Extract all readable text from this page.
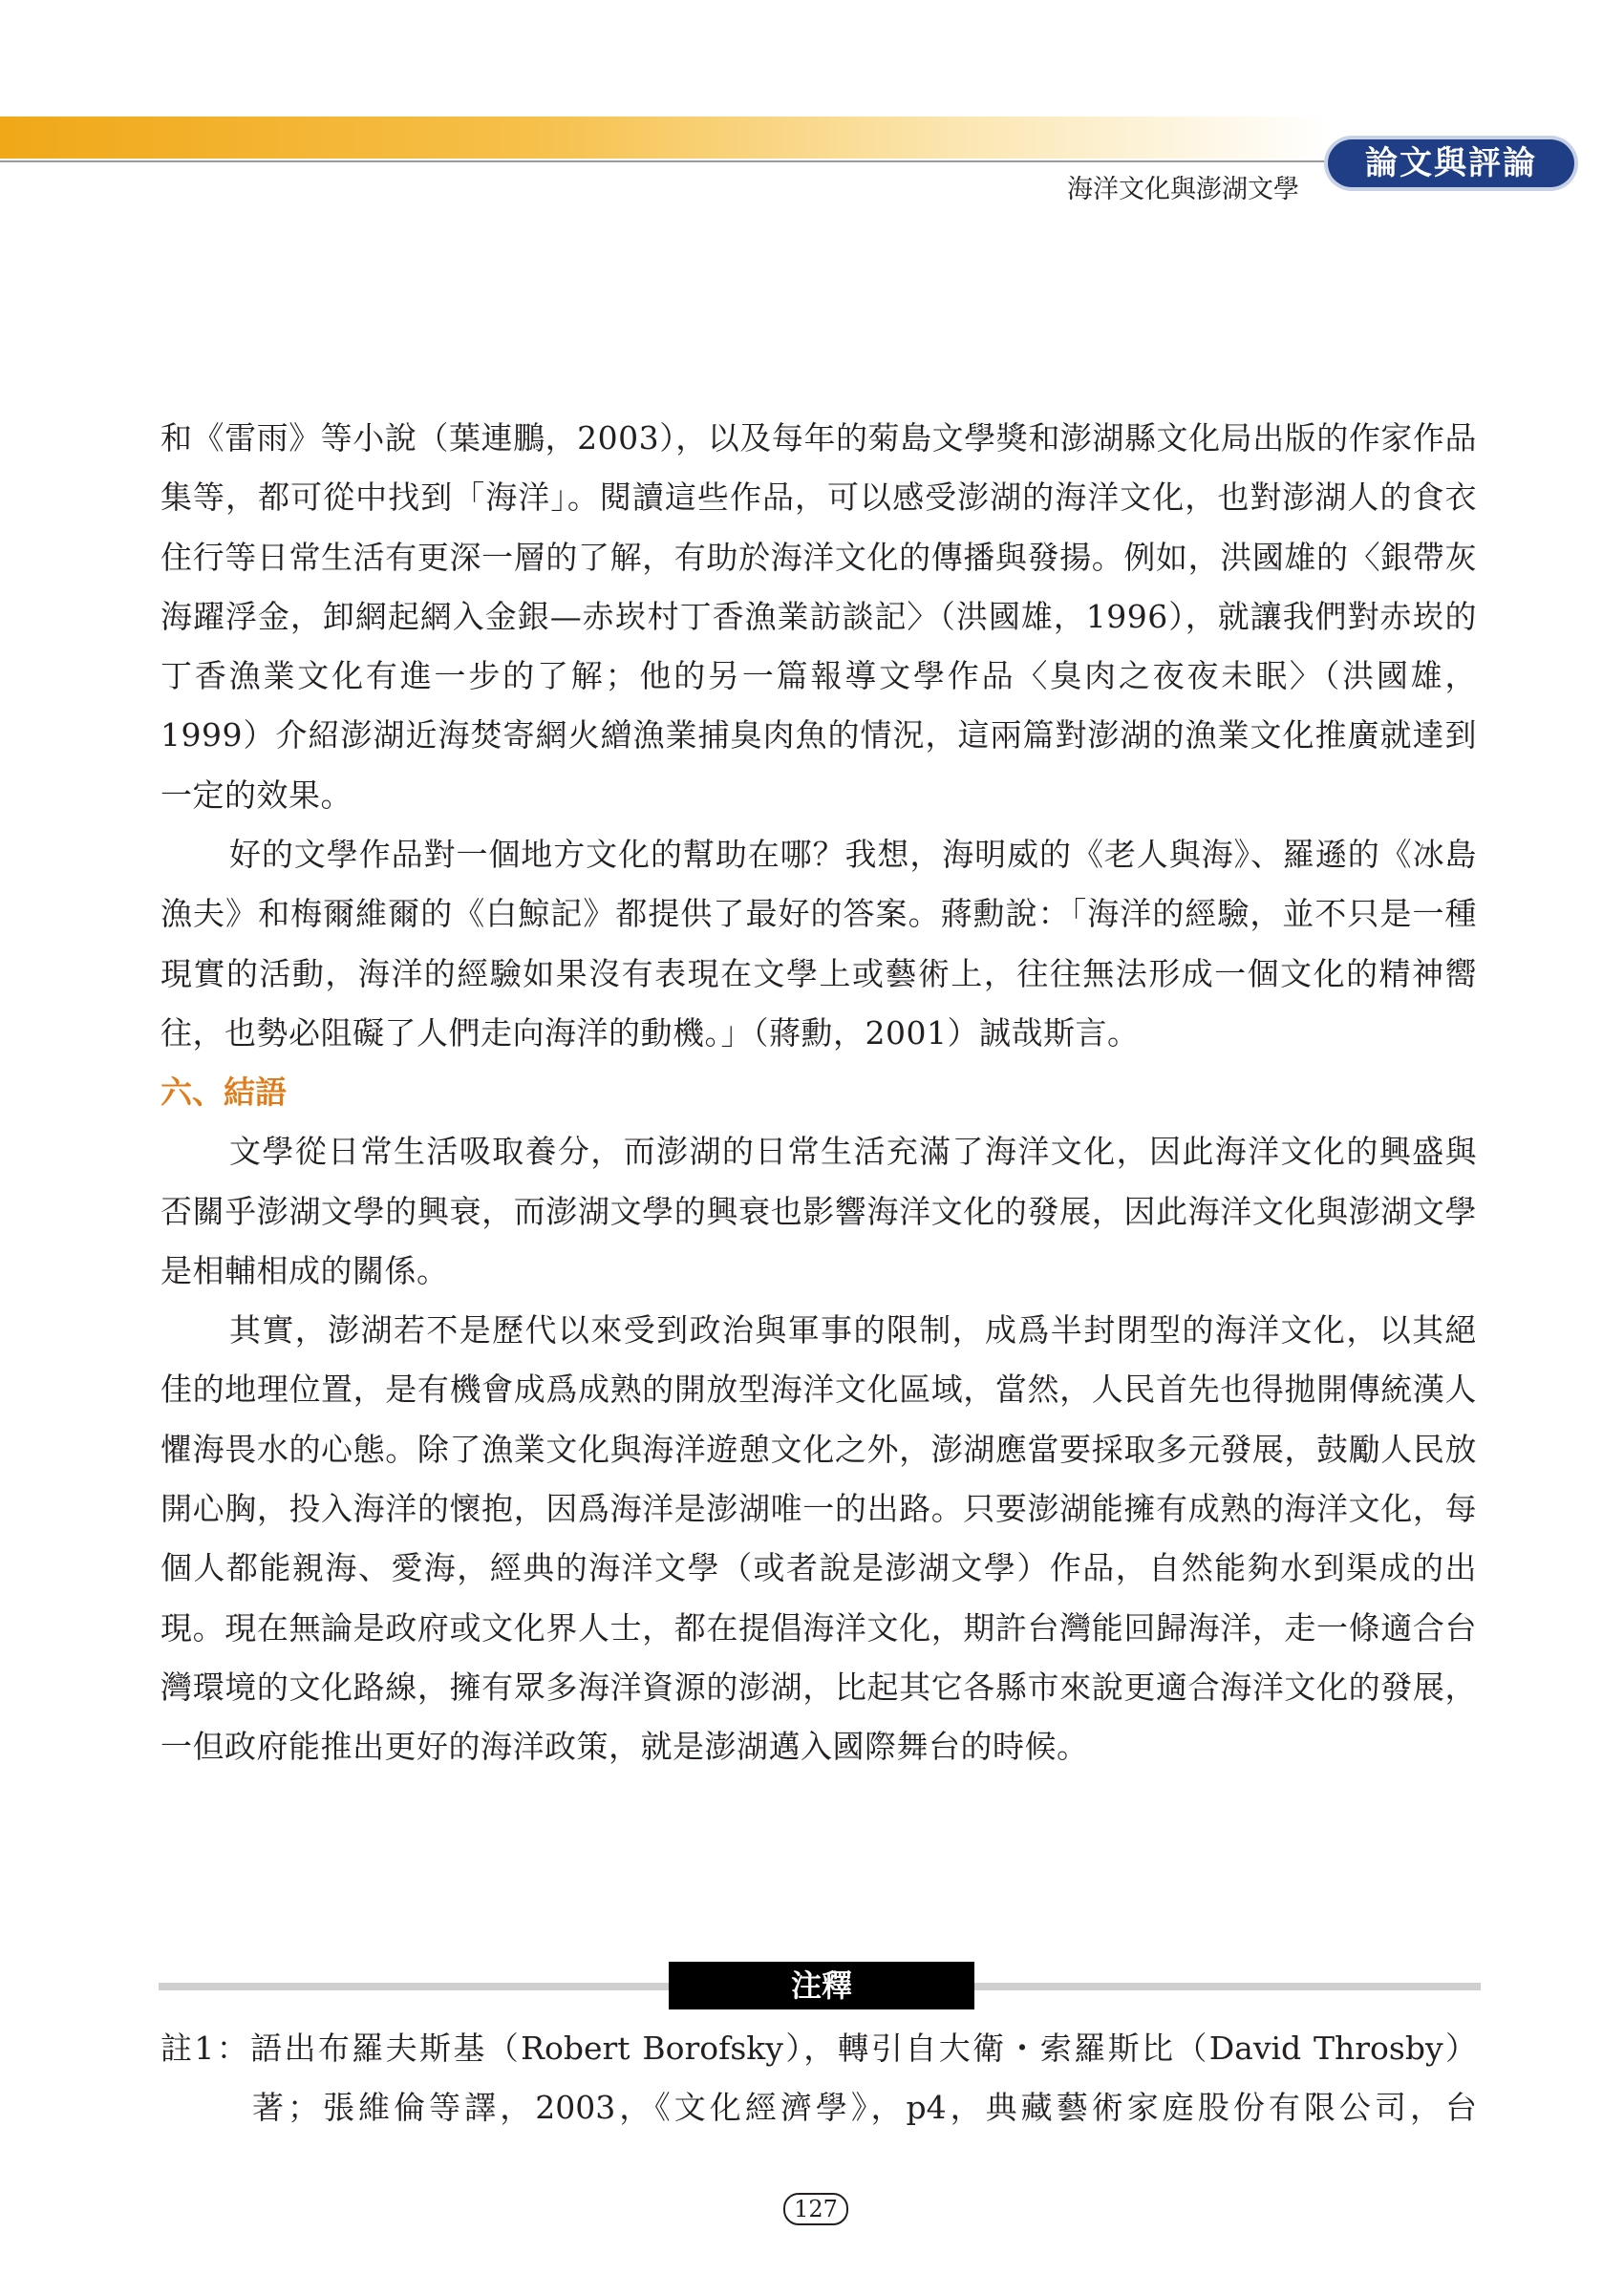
海洋文化與澎湖文學
論文與評論

和《雷雨》等小說（葉連鵬，2003），以及每年的菊島文學獎和澎湖縣文化局出版的作家作品集等，都可從中找到「海洋」。閱讀這些作品，可以感受澎湖的海洋文化，也對澎湖人的食衣住行等日常生活有更深一層的了解，有助於海洋文化的傳播與發揚。例如，洪國雄的〈銀帶灰海躍浮金，卸網起網入金銀—赤崁村丁香漁業訪談記〉（洪國雄，1996），就讓我們對赤崁的丁香漁業文化有進一步的了解；他的另一篇報導文學作品〈臭肉之夜夜未眠〉（洪國雄，1999）介紹澎湖近海焚寄網火繒漁業捕臭肉魚的情況，這兩篇對澎湖的漁業文化推廣就達到一定的效果。

好的文學作品對一個地方文化的幫助在哪？我想，海明威的《老人與海》、羅遜的《冰島漁夫》和梅爾維爾的《白鯨記》都提供了最好的答案。蔣勳說：「海洋的經驗，並不只是一種現實的活動，海洋的經驗如果沒有表現在文學上或藝術上，往往無法形成一個文化的精神嚮往，也勢必阻礙了人們走向海洋的動機。」（蔣勳，2001）誠哉斯言。

六、結語

文學從日常生活吸取養分，而澎湖的日常生活充滿了海洋文化，因此海洋文化的興盛與否關乎澎湖文學的興衰，而澎湖文學的興衰也影響海洋文化的發展，因此海洋文化與澎湖文學是相輔相成的關係。

其實，澎湖若不是歷代以來受到政治與軍事的限制，成爲半封閉型的海洋文化，以其絕佳的地理位置，是有機會成爲成熟的開放型海洋文化區域，當然，人民首先也得拋開傳統漢人懼海畏水的心態。除了漁業文化與海洋遊憩文化之外，澎湖應當要採取多元發展，鼓勵人民放開心胸，投入海洋的懷抱，因爲海洋是澎湖唯一的出路。只要澎湖能擁有成熟的海洋文化，每個人都能親海、愛海，經典的海洋文學（或者說是澎湖文學）作品，自然能夠水到渠成的出現。現在無論是政府或文化界人士，都在提倡海洋文化，期許台灣能回歸海洋，走一條適合台灣環境的文化路線，擁有眾多海洋資源的澎湖，比起其它各縣市來說更適合海洋文化的發展，一但政府能推出更好的海洋政策，就是澎湖邁入國際舞台的時候。

注釋

註1：語出布羅夫斯基（Robert Borofsky），轉引自大衛・索羅斯比（David Throsby）

著；張維倫等譯，2003，《文化經濟學》，p4，典藏藝術家庭股份有限公司，台

127
